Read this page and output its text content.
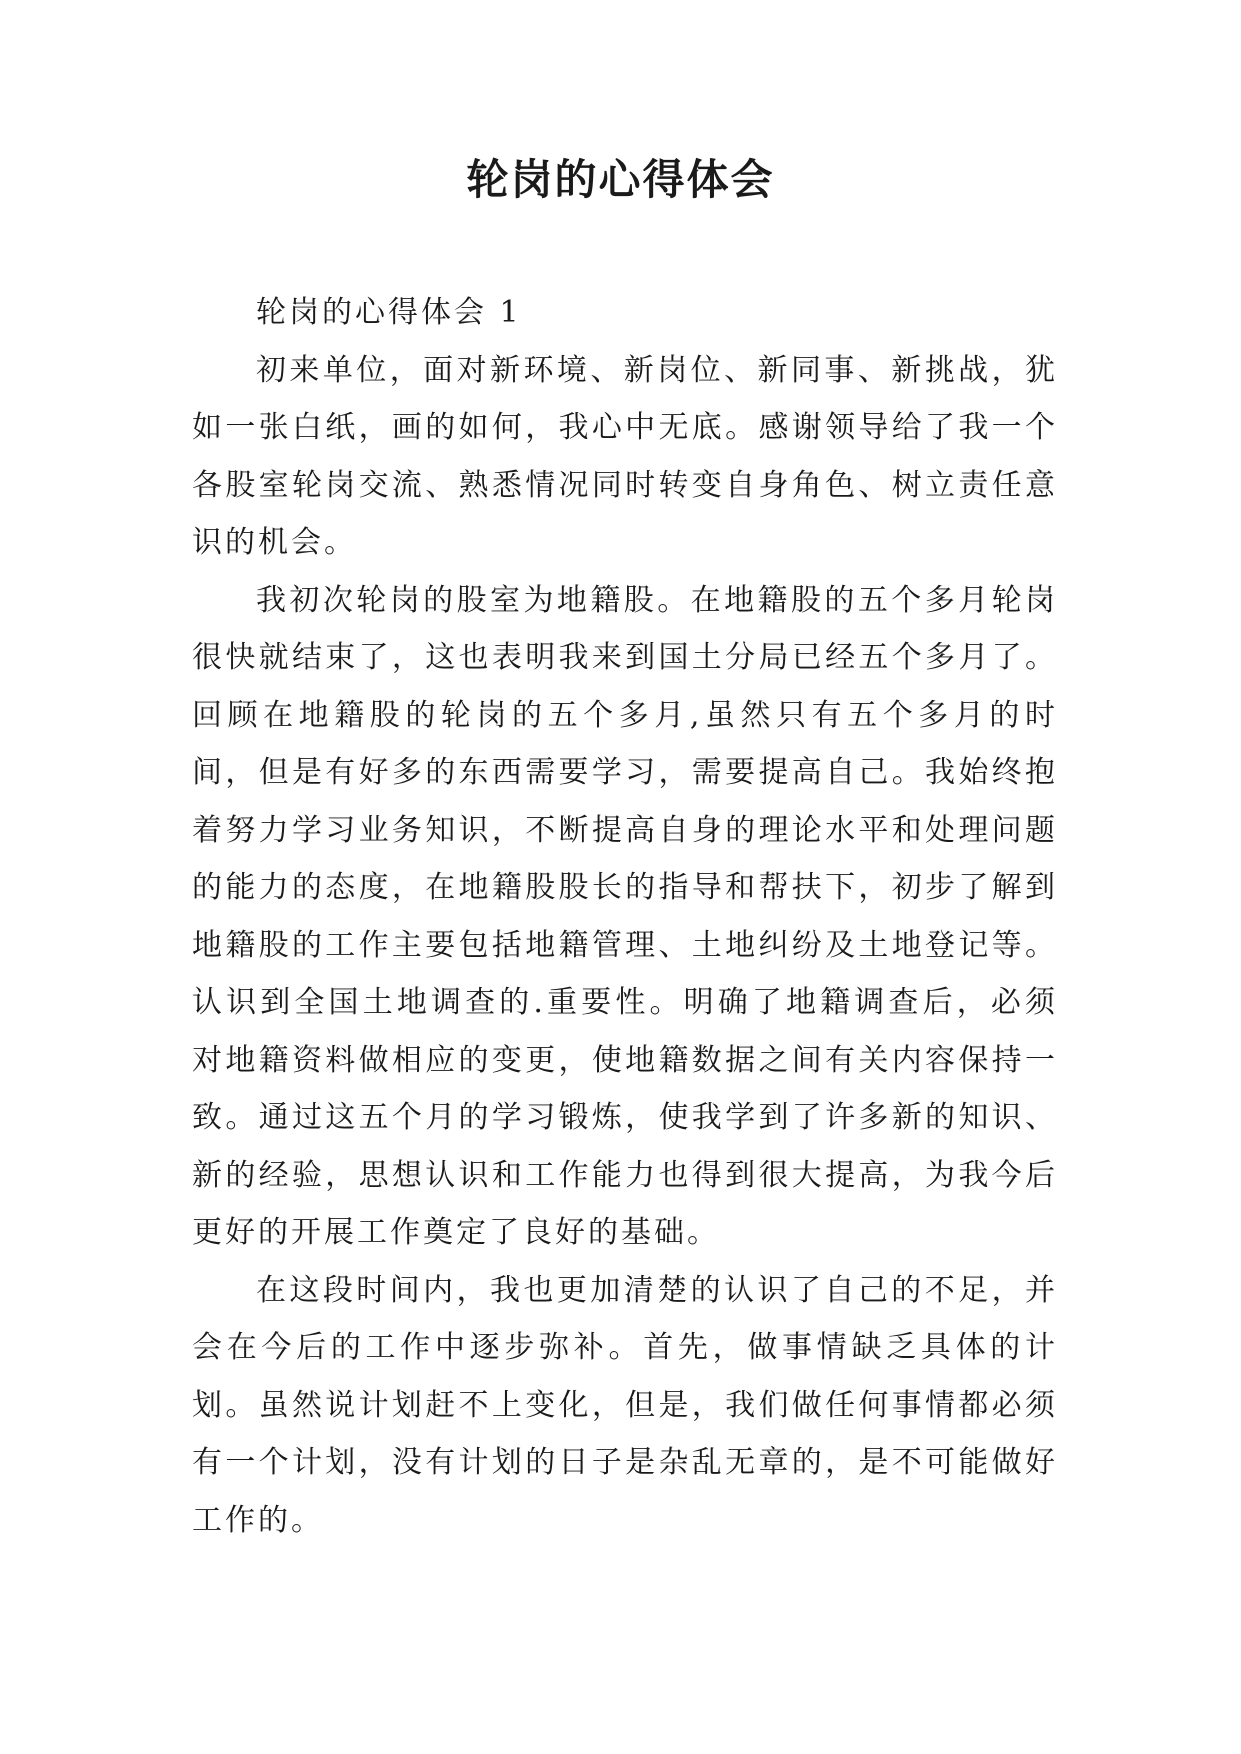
轮岗的心得体会

轮岗的心得体会 1

初来单位，面对新环境、新岗位、新同事、新挑战，犹如一张白纸，画的如何，我心中无底。感谢领导给了我一个各股室轮岗交流、熟悉情况同时转变自身角色、树立责任意识的机会。

我初次轮岗的股室为地籍股。在地籍股的五个多月轮岗很快就结束了，这也表明我来到国土分局已经五个多月了。回顾在地籍股的轮岗的五个多月,虽然只有五个多月的时间，但是有好多的东西需要学习，需要提高自己。我始终抱着努力学习业务知识，不断提高自身的理论水平和处理问题的能力的态度，在地籍股股长的指导和帮扶下，初步了解到地籍股的工作主要包括地籍管理、土地纠纷及土地登记等。认识到全国土地调查的.重要性。明确了地籍调查后，必须对地籍资料做相应的变更，使地籍数据之间有关内容保持一致。通过这五个月的学习锻炼，使我学到了许多新的知识、新的经验，思想认识和工作能力也得到很大提高，为我今后更好的开展工作奠定了良好的基础。

在这段时间内，我也更加清楚的认识了自己的不足，并会在今后的工作中逐步弥补。首先，做事情缺乏具体的计划。虽然说计划赶不上变化，但是，我们做任何事情都必须有一个计划，没有计划的日子是杂乱无章的，是不可能做好工作的。
